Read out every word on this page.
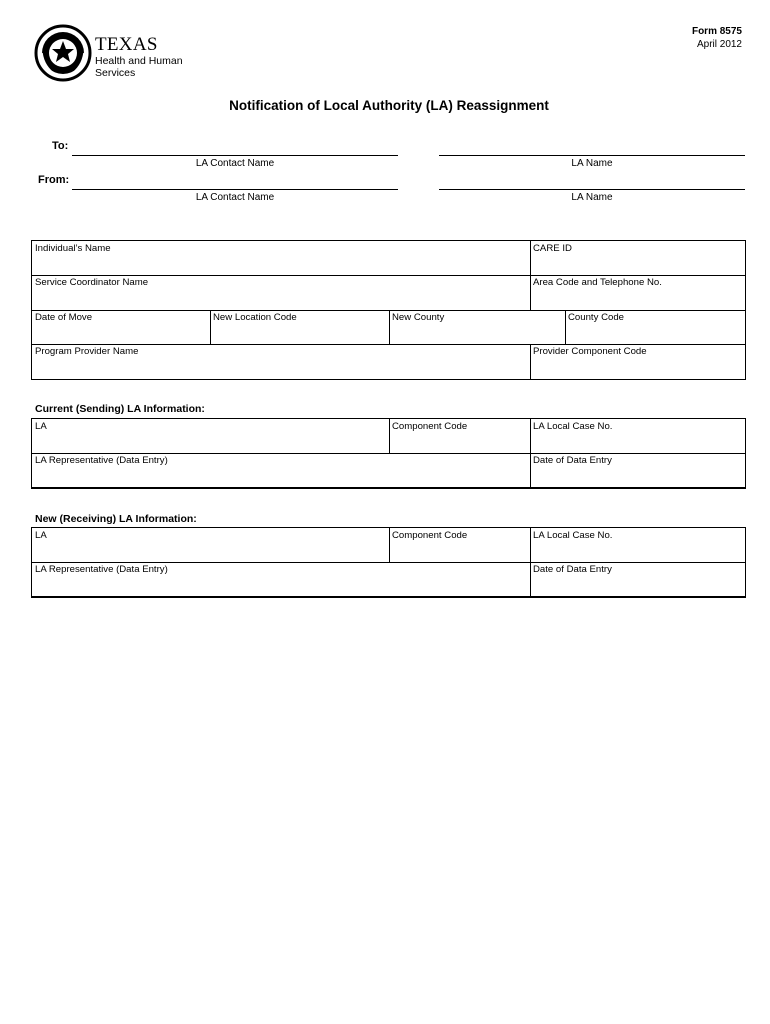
TEXAS
Health and Human
Services
Form 8575
April 2012
Notification of Local Authority (LA) Reassignment
To:
LA Contact Name	LA Name
From:
LA Contact Name	LA Name
Individual’s Name	CARE ID
Service Coordinator Name	Area Code and Telephone No.
Date of Move	New Location Code	New County	County Code
Program Provider Name	Provider Component Code
Current (Sending) LA Information:
LA	Component Code	LA Local Case No.
LA Representative (Data Entry)	Date of Data Entry
New (Receiving) LA Information:
LA	Component Code	LA Local Case No.
LA Representative (Data Entry)	Date of Data Entry
